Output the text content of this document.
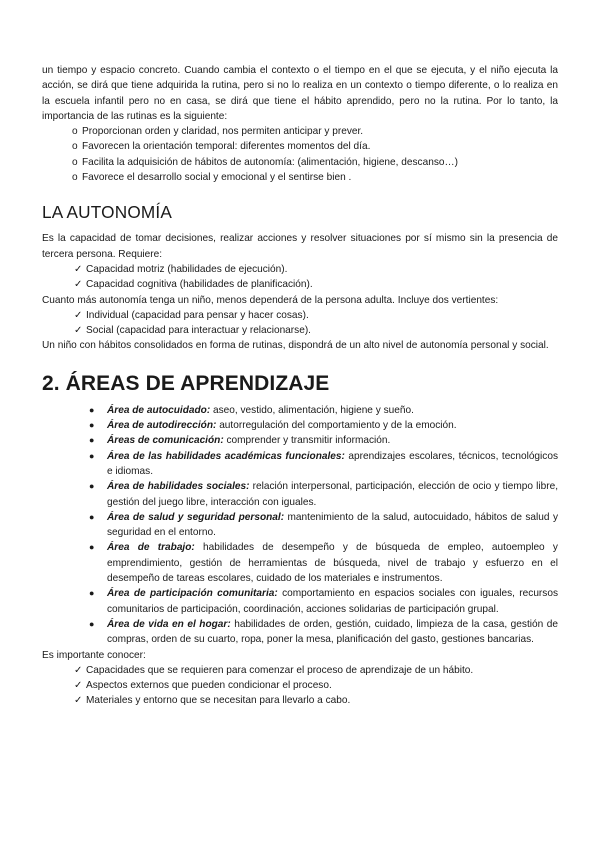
un tiempo y espacio concreto. Cuando cambia el contexto o el tiempo en el que se ejecuta, y el niño ejecuta la acción, se dirá que tiene adquirida la rutina, pero si no lo realiza en un contexto o tiempo diferente, o lo realiza en la escuela infantil pero no en casa, se dirá que tiene el hábito aprendido, pero no la rutina. Por lo tanto, la importancia de las rutinas es la siguiente:

o Proporcionan orden y claridad, nos permiten anticipar y prever.
o Favorecen la orientación temporal: diferentes momentos del día.
o Facilita la adquisición de hábitos de autonomía: (alimentación, higiene, descanso…)
o Favorece el desarrollo social y emocional y el sentirse bien .
LA AUTONOMÍA

Es la capacidad de tomar decisiones, realizar acciones y resolver situaciones por sí mismo sin la presencia de tercera persona. Requiere:

✓ Capacidad motriz (habilidades de ejecución).
✓ Capacidad cognitiva (habilidades de planificación).

Cuanto más autonomía tenga un niño, menos dependerá de la persona adulta. Incluye dos vertientes:

✓ Individual (capacidad para pensar y hacer cosas).
✓ Social (capacidad para interactuar y relacionarse).

Un niño con hábitos consolidados en forma de rutinas, dispondrá de un alto nivel de autonomía personal y social.

2. ÁREAS DE APRENDIZAJE
● Área de autocuidado: aseo, vestido, alimentación, higiene y sueño.
● Área de autodirección: autorregulación del comportamiento y de la emoción.
● Áreas de comunicación: comprender y transmitir información.
● Área de las habilidades académicas funcionales: aprendizajes escolares, técnicos, tecnológicos e idiomas.
● Área de habilidades sociales: relación interpersonal, participación, elección de ocio y tiempo libre, gestión del juego libre, interacción con iguales.
● Área de salud y seguridad personal: mantenimiento de la salud, autocuidado, hábitos de salud y seguridad en el entorno.
● Área de trabajo: habilidades de desempeño y de búsqueda de empleo, autoempleo y emprendimiento, gestión de herramientas de búsqueda, nivel de trabajo y esfuerzo en el desempeño de tareas escolares, cuidado de los materiales e instrumentos.
● Área de participación comunitaria: comportamiento en espacios sociales con iguales, recursos comunitarios de participación, coordinación, acciones solidarias de participación grupal.
● Área de vida en el hogar: habilidades de orden, gestión, cuidado, limpieza de la casa, gestión de compras, orden de su cuarto, ropa, poner la mesa, planificación del gasto, gestiones bancarias.

Es importante conocer:

✓ Capacidades que se requieren para comenzar el proceso de aprendizaje de un hábito.
✓ Aspectos externos que pueden condicionar el proceso.
✓ Materiales y entorno que se necesitan para llevarlo a cabo.
